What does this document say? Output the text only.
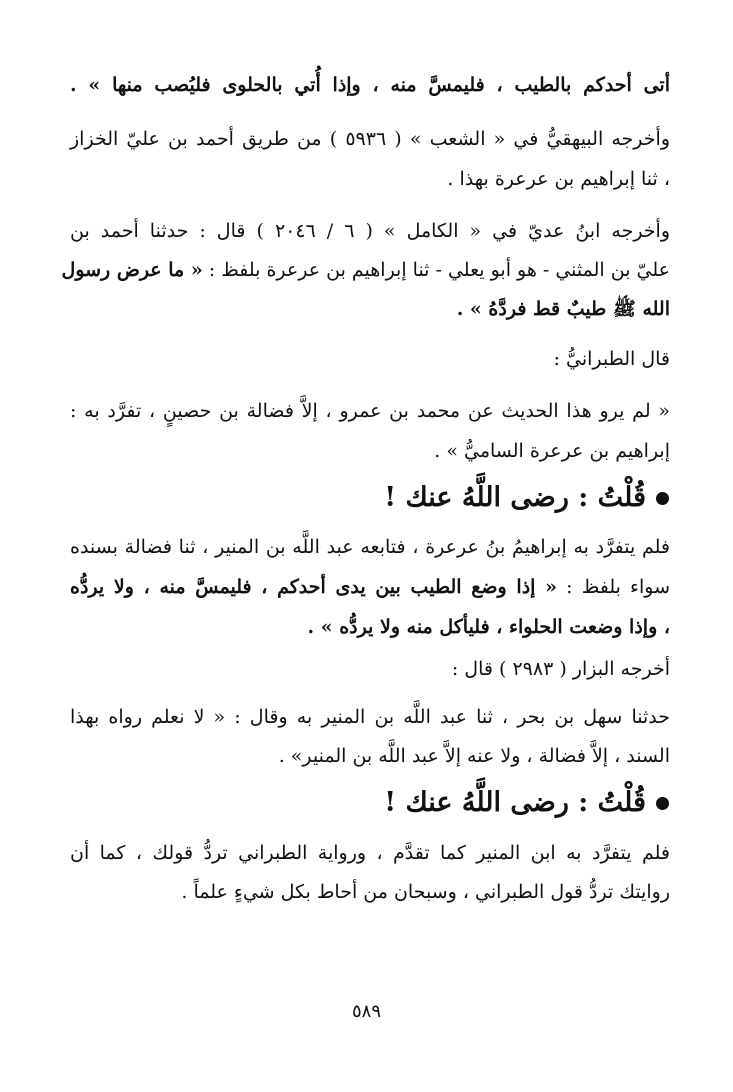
أتى أحدكم بالطيب ، فليمسَّ منه ، وإذا أُتي بالحلوى فليُصب منها » .
وأخرجه البيهقيُّ في « الشعب » ( ٥٩٣٦ ) من طريق أحمد بن عليّ الخزاز
، ثنا إبراهيم بن عرعرة بهذا .
وأخرجه ابنُ عديّ في « الكامل » ( ٦ / ٢٠٤٦ ) قال : حدثنا أحمد بن
عليّ بن المثني - هو أبو يعلي - ثنا إبراهيم بن عرعرة بلفظ : « ما عرض رسول
الله ﷺ طيبٌ قط فردَّهُ » .
قال الطبرانيُّ :
« لم يرو هذا الحديث عن محمد بن عمرو ، إلاَّ فضالة بن حصينٍ ، تفرَّد به :
إبراهيم بن عرعرة الساميُّ » .
قُلْتُ : رضى اللَّهُ عنك !
فلم يتفرَّد به إبراهيمُ بنُ عرعرة ، فتابعه عبد اللَّه بن المنير ، ثنا فضالة بسنده
سواء بلفظ : « إذا وضع الطيب بين يدى أحدكم ، فليمسَّ منه ، ولا يردُّه
، وإذا وضعت الحلواء ، فليأكل منه ولا يردُّه » .
أخرجه البزار ( ٢٩٨٣ ) قال :
حدثنا سهل بن بحر ، ثنا عبد اللَّه بن المنير به وقال : « لا نعلم رواه بهذا
السند ، إلاَّ فضالة ، ولا عنه إلاَّ عبد اللَّه بن المنير» .
قُلْتُ : رضى اللَّهُ عنك !
فلم يتفرَّد به ابن المنير كما تقدَّم ، ورواية الطبراني تردُّ قولك ، كما أن
روايتك تردُّ قول الطبراني ، وسبحان من أحاط بكل شيءٍ علماً .
٥٨٩
